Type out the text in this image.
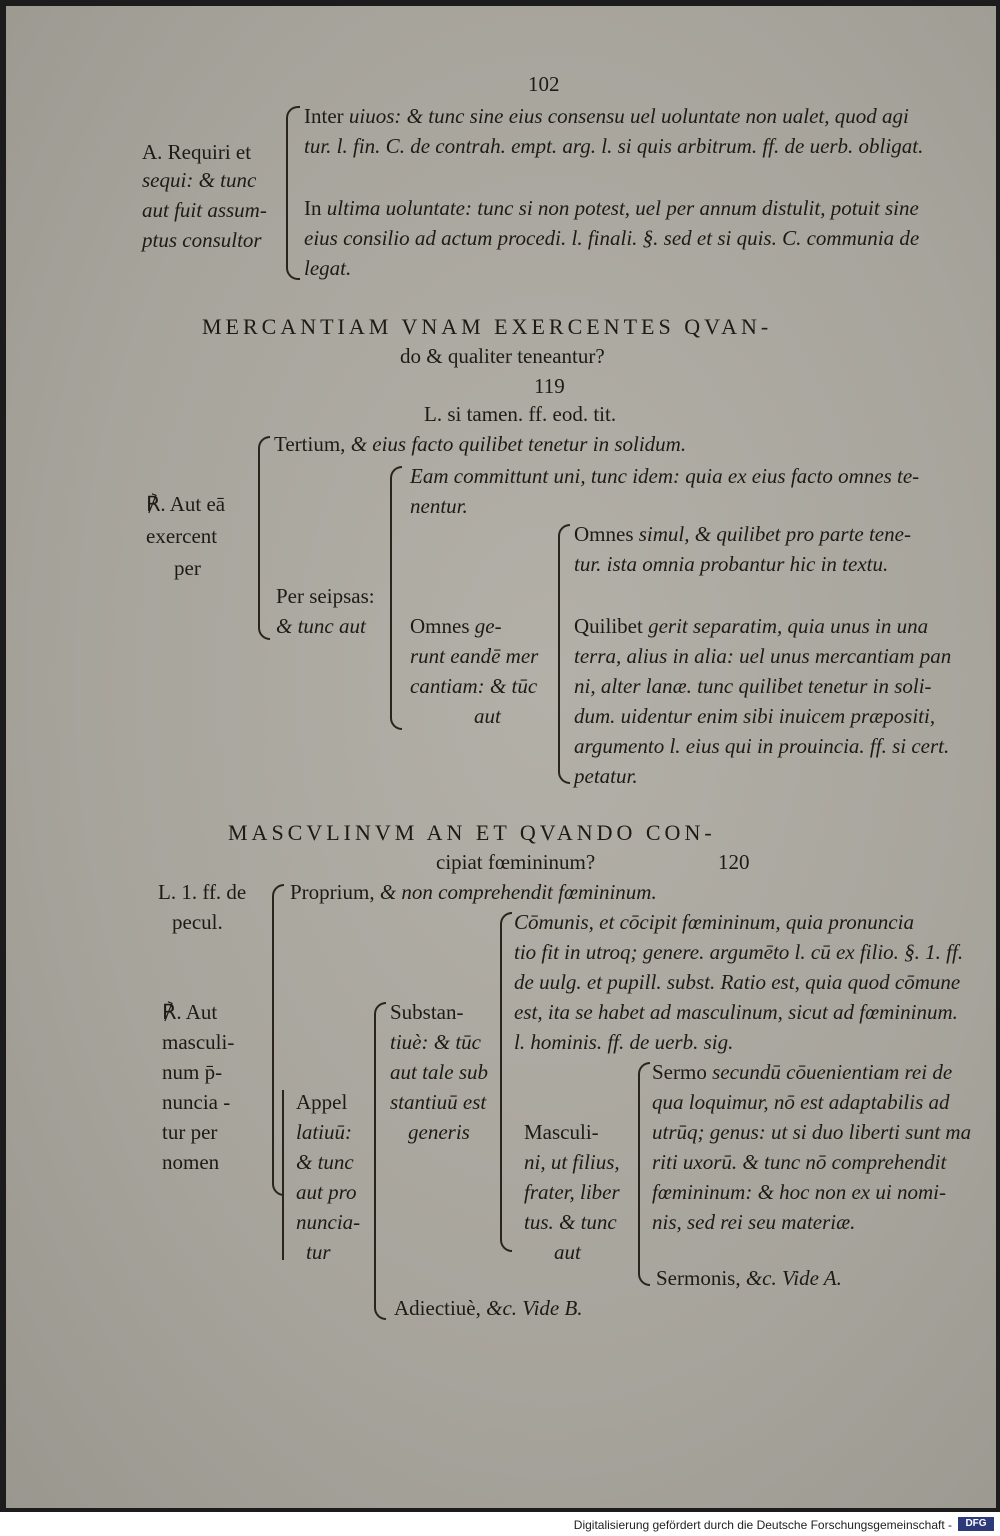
102
A. Requiri et
sequi: & tunc
aut fuit assum-
ptus consultor
Inter uiuos: & tunc sine eius consensu uel uoluntate non ualet, quod agi
tur. l. fin. C. de contrah. empt. arg. l. si quis arbitrum. ff. de uerb. obligat.
In ultima uoluntate: tunc si non potest, uel per annum distulit, potuit sine
eius consilio ad actum procedi. l. finali. §. sed et si quis. C. communia de
legat.
MERCANTIAM VNAM EXERCENTES QVAN-
do & qualiter teneantur?
119
L. si tamen. ff. eod. tit.
Tertium, & eius facto quilibet tenetur in solidum.
℟. Aut eā
exercent
per
Eam committunt uni, tunc idem: quia ex eius facto omnes te-
nentur.
Per seipsas:
& tunc aut Omnes ge-
runt eandē mer
cantiam: & tūc
aut
Omnes simul, & quilibet pro parte tene-
tur. ista omnia probantur hic in textu.
Quilibet gerit separatim, quia unus in una
terra, alius in alia: uel unus mercantiam pan
ni, alter lanæ. tunc quilibet tenetur in soli-
dum. uidentur enim sibi inuicem præpositi,
argumento l. eius qui in prouincia. ff. si cert.
petatur.
MASCVLINVM AN ET QVANDO CON-
cipiat fœmininum?	120
L. 1. ff. de
pecul.
Proprium, & non comprehendit fœmininum.
Cōmunis, et cōcipit fœmininum, quia pronuncia
tio fit in utroq; genere. argumēto l. cū ex filio. §. 1. ff.
de uulg. et pupill. subst. Ratio est, quia quod cōmune
est, ita se habet ad masculinum, sicut ad fœmininum.
l. hominis. ff. de uerb. sig.
℟. Aut
masculi-
num p̄-
nuncia -
tur per
nomen
Substan-
tiuè: & tūc
aut tale sub
stantiuū est
generis
Appel
latiuū:
& tunc
aut pro
nuncia-
tur
Masculi-
ni, ut filius,
frater, liber
tus. & tunc
aut
Sermo secundū cōuenientiam rei de
qua loquimur, nō est adaptabilis ad
utrūq; genus: ut si duo liberti sunt ma
riti uxorū. & tunc nō comprehendit
fœmininum: & hoc non ex ui nomi-
nis, sed rei seu materiæ.
Sermonis, &c. Vide A.
Adiectiuè, &c. Vide B.
Digitalisierung gefördert durch die Deutsche Forschungsgemeinschaft -	DFG
